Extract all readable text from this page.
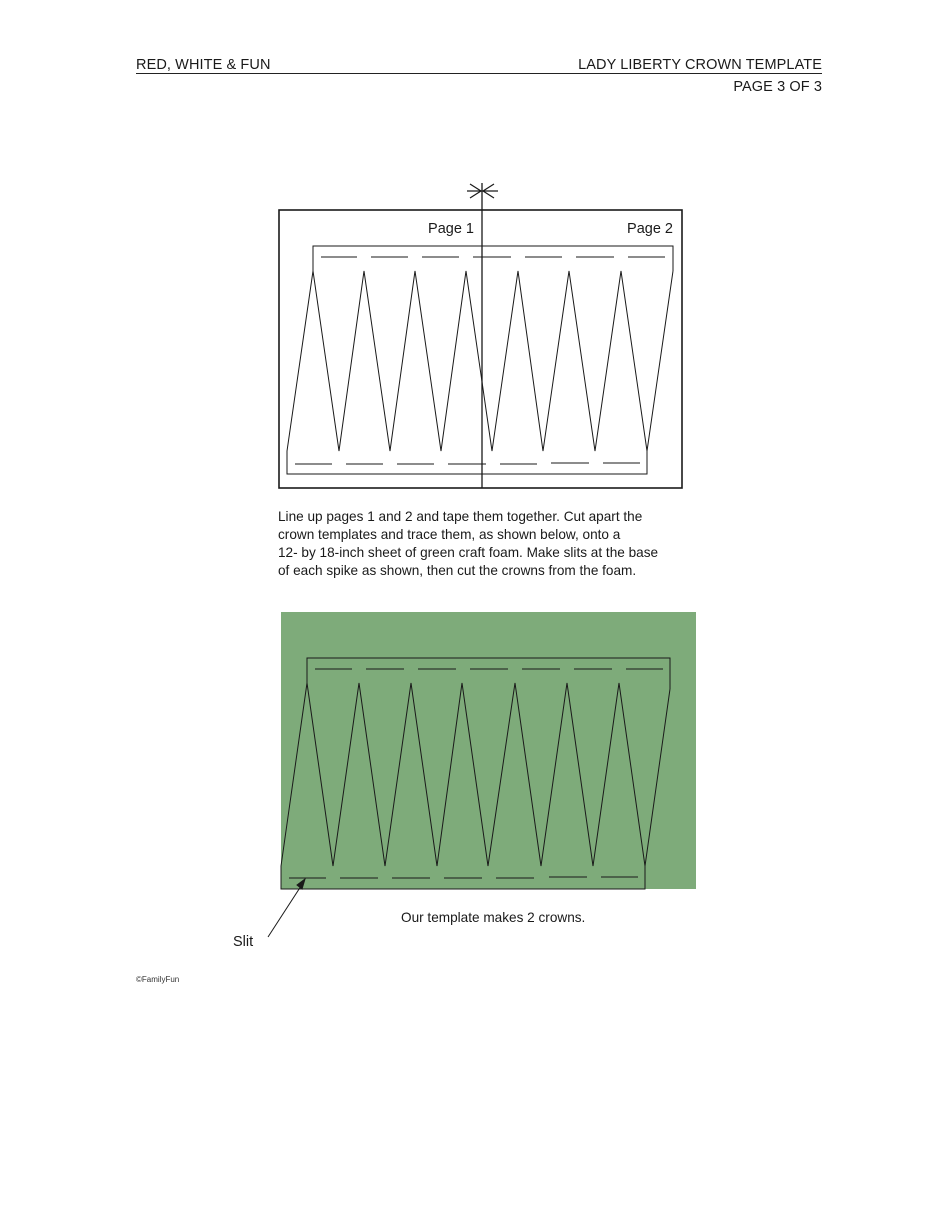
RED, WHITE & FUN	LADY LIBERTY CROWN TEMPLATE
PAGE 3 OF 3
Page 1	Page 2
Line up pages 1 and 2 and tape them together. Cut apart the
crown templates and trace them, as shown below, onto a
12- by 18-inch sheet of green craft foam. Make slits at the base
of each spike as shown, then cut the crowns from the foam.
Our template makes 2 crowns.
Slit
©FamilyFun
